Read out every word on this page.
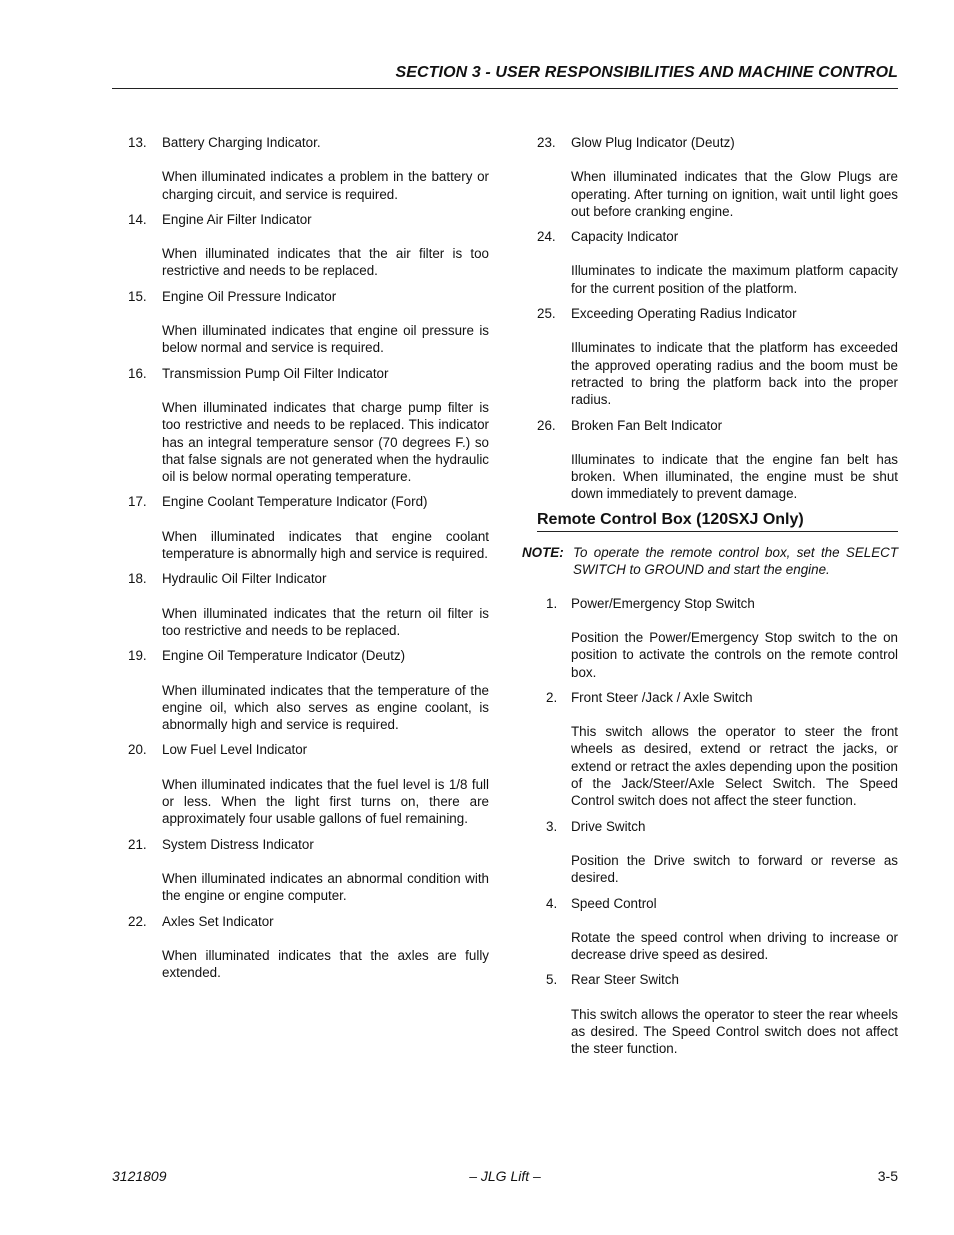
SECTION 3 - USER RESPONSIBILITIES AND MACHINE CONTROL
13.	Battery Charging Indicator.
When illuminated indicates a problem in the battery or charging circuit, and service is required.
14.	Engine Air Filter Indicator
When illuminated indicates that the air filter is too restrictive and needs to be replaced.
15.	Engine Oil Pressure Indicator
When illuminated indicates that engine oil pressure is below normal and service is required.
16.	Transmission Pump Oil Filter Indicator
When illuminated indicates that charge pump filter is too restrictive and needs to be replaced. This indicator has an integral temperature sensor (70 degrees F.) so that false signals are not generated when the hydraulic oil is below normal operating temperature.
17.	Engine Coolant Temperature Indicator (Ford)
When illuminated indicates that engine coolant temperature is abnormally high and service is required.
18.	Hydraulic Oil Filter Indicator
When illuminated indicates that the return oil filter is too restrictive and needs to be replaced.
19.	Engine Oil Temperature Indicator (Deutz)
When illuminated indicates that the temperature of the engine oil, which also serves as engine coolant, is abnormally high and service is required.
20.	Low Fuel Level Indicator
When illuminated indicates that the fuel level is 1/8 full or less. When the light first turns on, there are approximately four usable gallons of fuel remaining.
21.	System Distress Indicator
When illuminated indicates an abnormal condition with the engine or engine computer.
22.	Axles Set Indicator
When illuminated indicates that the axles are fully extended.
23.	Glow Plug Indicator (Deutz)
When illuminated indicates that the Glow Plugs are operating. After turning on ignition, wait until light goes out before cranking engine.
24.	Capacity Indicator
Illuminates to indicate the maximum platform capacity for the current position of the platform.
25.	Exceeding Operating Radius Indicator
Illuminates to indicate that the platform has exceeded the approved operating radius and the boom must be retracted to bring the platform back into the proper radius.
26.	Broken Fan Belt Indicator
Illuminates to indicate that the engine fan belt has broken. When illuminated, the engine must be shut down immediately to prevent damage.
Remote Control Box (120SXJ Only)
NOTE: To operate the remote control box, set the SELECT SWITCH to GROUND and start the engine.
1.	Power/Emergency Stop Switch
Position the Power/Emergency Stop switch to the on position to activate the controls on the remote control box.
2.	Front Steer /Jack / Axle Switch
This switch allows the operator to steer the front wheels as desired, extend or retract the jacks, or extend or retract the axles depending upon the position of the Jack/Steer/Axle Select Switch. The Speed Control switch does not affect the steer function.
3.	Drive Switch
Position the Drive switch to forward or reverse as desired.
4.	Speed Control
Rotate the speed control when driving to increase or decrease drive speed as desired.
5.	Rear Steer Switch
This switch allows the operator to steer the rear wheels as desired. The Speed Control switch does not affect the steer function.
3121809	– JLG Lift –	3-5
